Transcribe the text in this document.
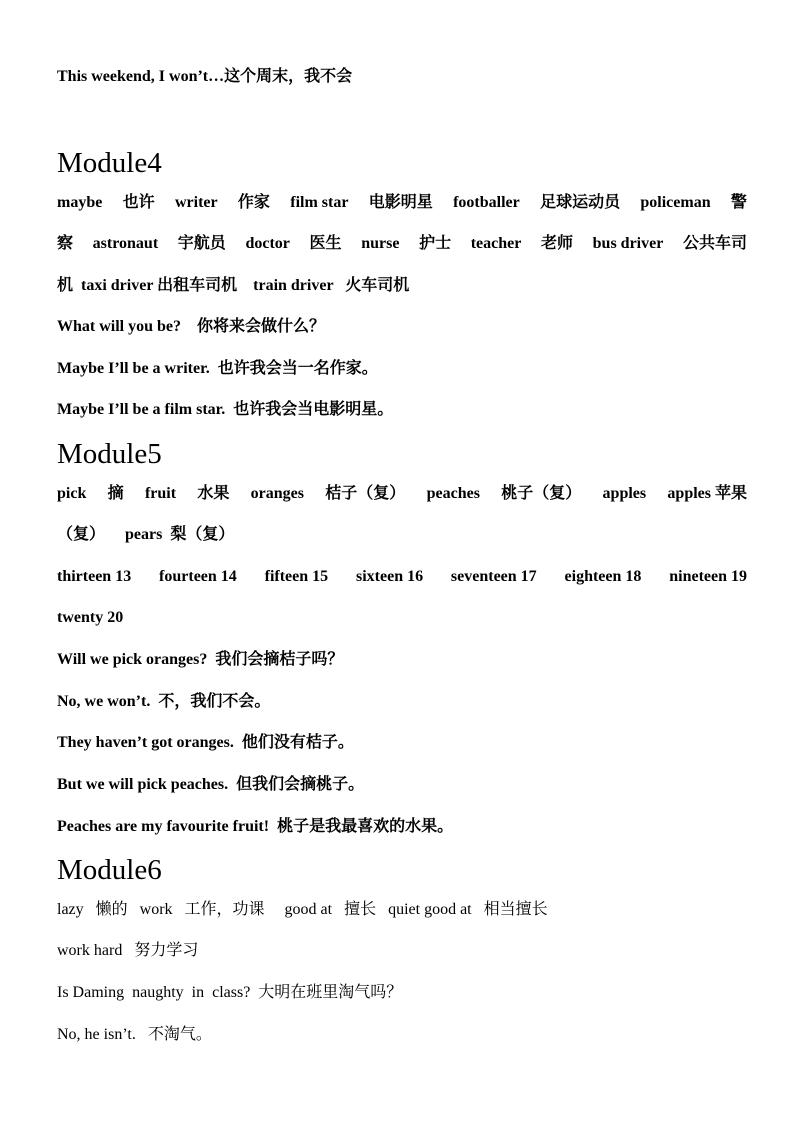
This weekend, I won’t…这个周末，我不会
Module4
maybe 也许 writer 作家 film star 电影明星 footballer 足球运动员 policeman 警
察 astronaut 宇航员 doctor 医生 nurse 护士 teacher 老师 bus driver 公共车司
机  taxi driver 出租车司机    train driver   火车司机
What will you be?    你将来会做什么？
Maybe I’ll be a writer.  也许我会当一名作家。
Maybe I’ll be a film star.  也许我会当电影明星。
Module5
pick 摘 fruit 水果 oranges 桔子（复） peaches 桃子（复） apples apples 苹果
（复）     pears  梨（复）
thirteen 13 fourteen 14 fifteen 15 sixteen 16 seventeen 17 eighteen 18 nineteen 19
twenty 20
Will we pick oranges?  我们会摘桔子吗？
No, we won’t.  不，我们不会。
They haven’t got oranges.  他们没有桔子。
But we will pick peaches.  但我们会摘桃子。
Peaches are my favourite fruit!  桃子是我最喜欢的水果。
Module6
lazy   懒的   work   工作，功课     good at   擅长   quiet good at   相当擅长
work hard   努力学习
Is Daming  naughty  in  class?  大明在班里淘气吗？
No, he isn’t.   不淘气。
